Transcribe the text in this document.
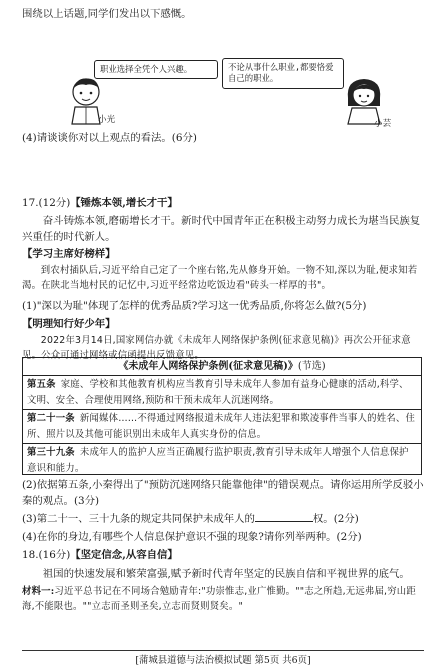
围绕以上话题,同学们发出以下感慨。

职业选择全凭个人兴趣。
小光
不论从事什么职业,都要恪爱自己的职业。
小芸

(4)请谈谈你对以上观点的看法。(6分)

17.(12分)【锤炼本领,增长才干】

奋斗铸炼本领,磨砺增长才干。新时代中国青年正在积极主动努力成长为堪当民族复兴重任的时代新人。

【学习主席好榜样】

到农村插队后,习近平给自己定了一个座右铭,先从修身开始。一物不知,深以为耻,便求知若渴。在陕北当地村民的记忆中,习近平经常边吃饭边看"砖头一样厚的书"。

(1)"深以为耻"体现了怎样的优秀品质?学习这一优秀品质,你将怎么做?(5分)

【明理知行好少年】

2022年3月14日,国家网信办就《未成年人网络保护条例(征求意见稿)》再次公开征求意见。公众可通过网络或信函提出反馈意见。

《未成年人网络保护条例(征求意见稿)》(节选)
第五条 家庭、学校和其他教育机构应当教育引导未成年人参加有益身心健康的活动,科学、文明、安全、合理使用网络,预防和干预未成年人沉迷网络。
第二十一条 新闻媒体……不得通过网络报道未成年人违法犯罪和欺凌事件当事人的姓名、住所、照片以及其他可能识别出未成年人真实身份的信息。
第三十九条 未成年人的监护人应当正确履行监护职责,教育引导未成年人增强个人信息保护意识和能力。

(2)依据第五条,小秦得出了"预防沉迷网络只能靠他律"的错误观点。请你运用所学反驳小秦的观点。(3分)

(3)第二十一、三十九条的规定共同保护未成年人的	权。(2分)

(4)在你的身边,有哪些个人信息保护意识不强的现象?请你列举两种。(2分)

18.(16分)【坚定信念,从容自信】

祖国的快速发展和繁荣富强,赋予新时代青年坚定的民族自信和平视世界的底气。

材料一:习近平总书记在不同场合勉励青年:"功崇惟志,业广惟勤。""志之所趋,无远弗届,穷山距海,不能限也。""立志而圣则圣矣,立志而贤则贤矣。"

[蒲城县道德与法治模拟试题 第5页 共6页]
